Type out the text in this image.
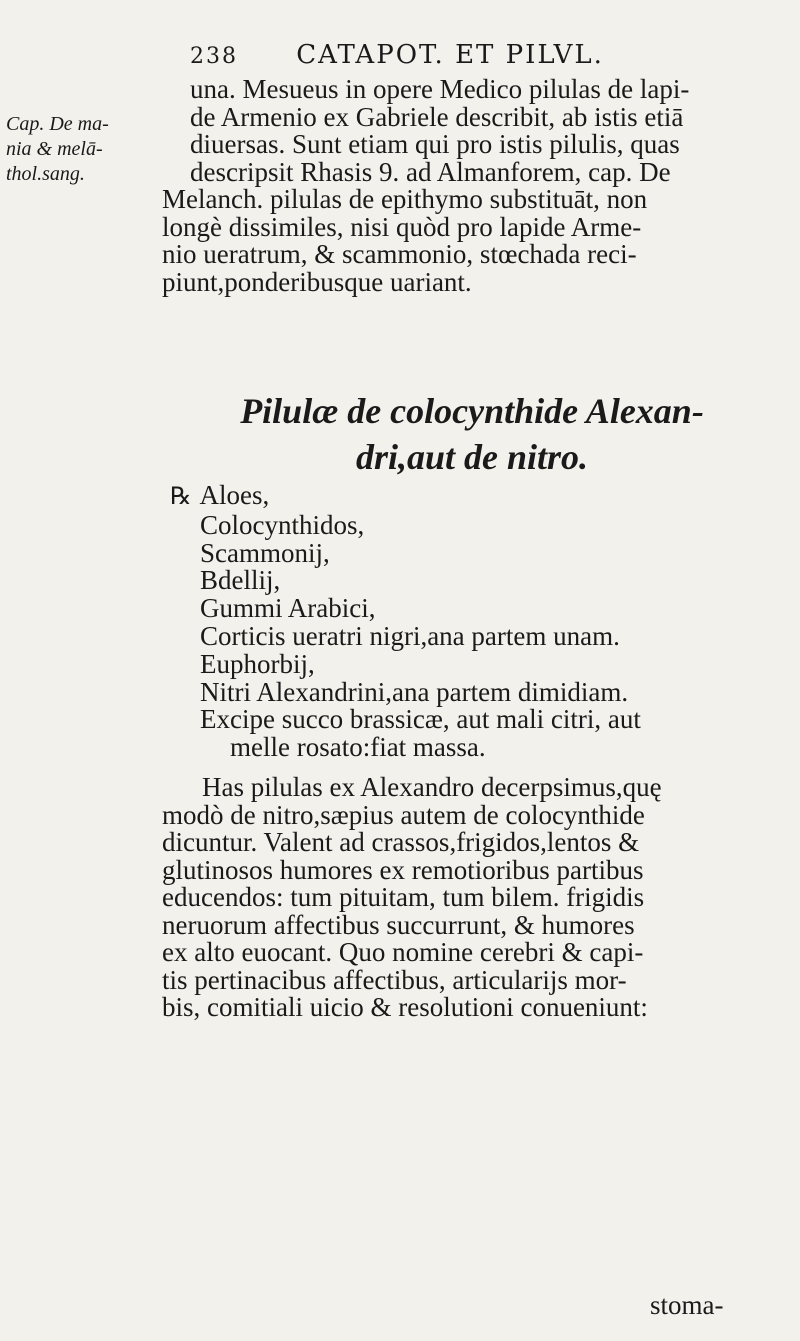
238 CATAPOT. ET PILVL.
Cap. De ma-
nia & melā-
thol.sang.
una. Mesueus in opere Medico pilulas de lapi-
de Armenio ex Gabriele describit, ab istis etiā
diuersas. Sunt etiam qui pro istis pilulis, quas
descripsit Rhasis 9. ad Almanforem, cap. De
Melanch. pilulas de epithymo substituāt, non
longè dissimiles, nisi quòd pro lapide Arme-
nio ueratrum, & scammonio, stœchada reci-
piunt,ponderibusque uariant.
Pilulæ de colocynthide Alexan-
dri,aut de nitro.
℞ Aloes,
Colocynthidos,
Scammonij,
Bdellij,
Gummi Arabici,
Corticis ueratri nigri,ana partem unam.
Euphorbij,
Nitri Alexandrini,ana partem dimidiam.
Excipe succo brassicæ, aut mali citri, aut
melle rosato:fiat massa.
Has pilulas ex Alexandro decerpsimus,quę
modò de nitro,sæpius autem de colocynthide
dicuntur. Valent ad crassos,frigidos,lentos &
glutinosos humores ex remotioribus partibus
educendos: tum pituitam, tum bilem. frigidis
neruorum affectibus succurrunt, & humores
ex alto euocant. Quo nomine cerebri & capi-
tis pertinacibus affectibus, articularijs mor-
bis, comitiali uicio & resolutioni conueniunt:
stoma-
